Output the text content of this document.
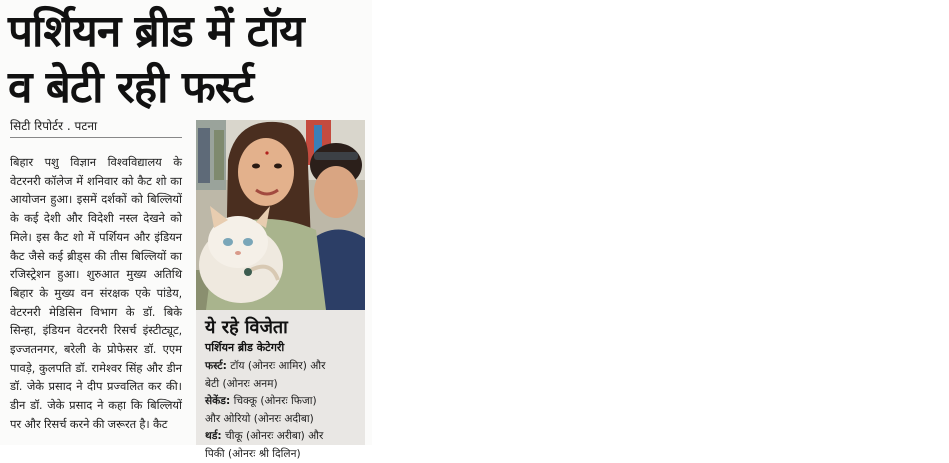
पर्शियन ब्रीड में टॉय
व बेटी रही फर्स्ट
सिटी रिपोर्टर . पटना
बिहार पशु विज्ञान विश्वविद्यालय के वेटरनरी कॉलेज में शनिवार को कैट शो का आयोजन हुआ। इसमें दर्शकों को बिल्लियों के कई देशी और विदेशी नस्ल देखने को मिले। इस कैट शो में पर्शियन और इंडियन कैट जैसे कई ब्रीड्स की तीस बिल्लियों का रजिस्ट्रेशन हुआ। शुरुआत मुख्य अतिथि बिहार के मुख्य वन संरक्षक एके पांडेय, वेटरनरी मेडिसिन विभाग के डॉ. बिके सिन्हा, इंडियन वेटरनरी रिसर्च इंस्टीट्यूट, इज्जतनगर, बरेली के प्रोफेसर डॉ. एएम पावड़े, कुलपति डॉ. रामेश्वर सिंह और डीन डॉ. जेके प्रसाद ने दीप प्रज्वलित कर की। डीन डॉ. जेके प्रसाद ने कहा कि बिल्लियों पर और रिसर्च करने की जरूरत है। कैट
ये रहे विजेता
पर्शियन ब्रीड केटेगरी
फर्स्ट: टॉय (ओनरः आमिर) और
बेटी (ओनरः अनम)
सेकेंड: चिक्कू (ओनरः फिजा)
और ओरियो (ओनरः अदीबा)
थर्ड: चीकू (ओनरः अरीबा) और
पिकी (ओनरः श्री दिलिन)
